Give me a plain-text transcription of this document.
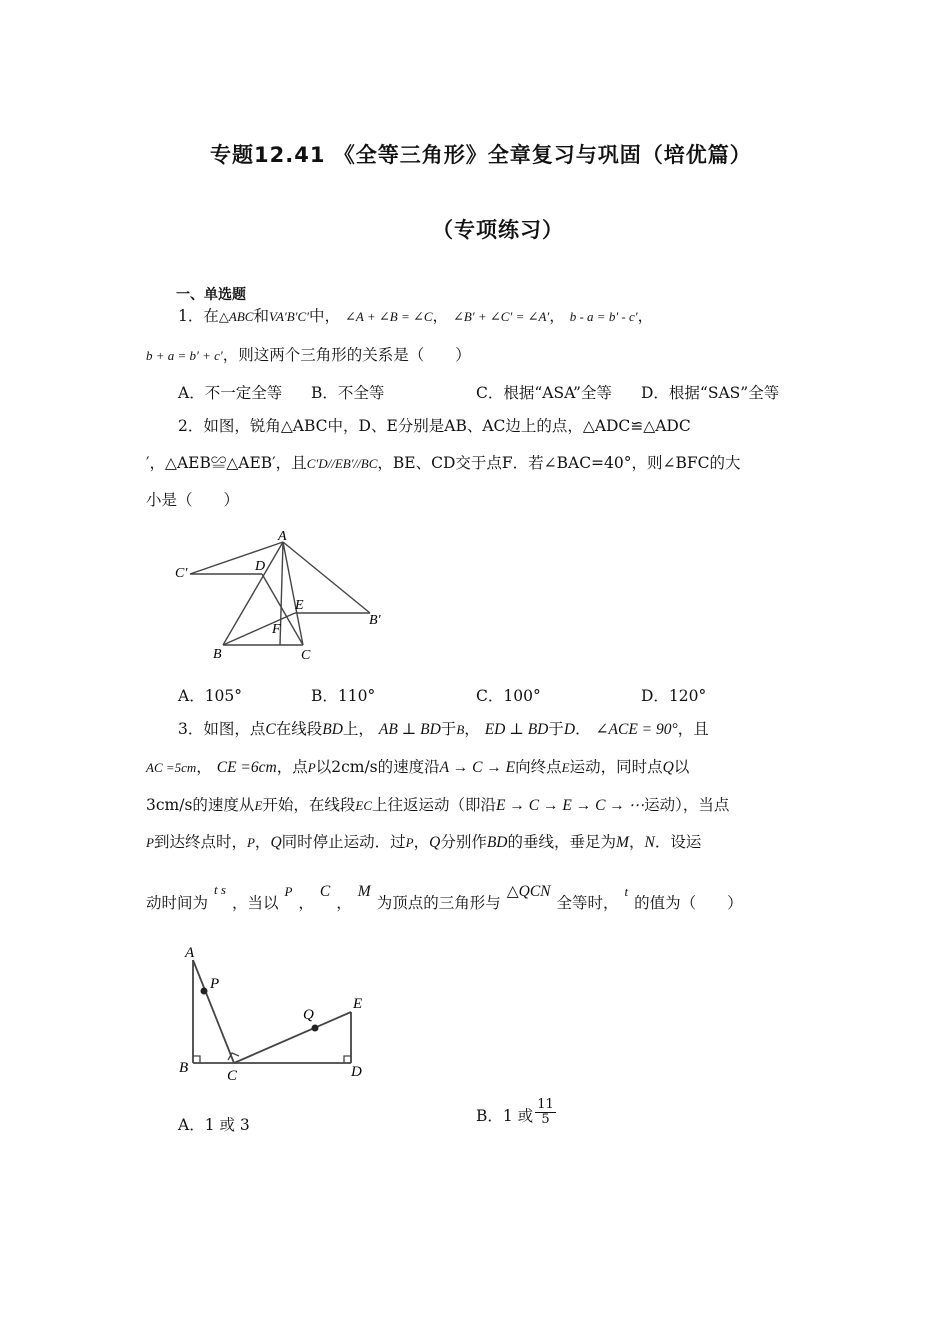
专题12.41 《全等三角形》全章复习与巩固（培优篇）
（专项练习）
一、单选题
1．在△ABC和VA′B′C′中， ∠A + ∠B = ∠C， ∠B′ + ∠C′ = ∠A′， b - a = b′ - c′，
b + a = b′ + c′，则这两个三角形的关系是（　　）
A．不一定全等 B．不全等	C．根据“ASA”全等 D．根据“SAS”全等
2．如图，锐角△ABC中，D、E分别是AB、AC边上的点，△ADC≌△ADC
′，△AEB≌△AEB′，且C′D//EB′//BC，BE、CD交于点F．若∠BAC=40°，则∠BFC的大
小是（　　）
A
C′	D
E
B′
F
B	C
A．105°	B．110°	C．100°	D．120°
3．如图，点C在线段BD上， AB ⊥ BD于B， ED ⊥ BD于D． ∠ACE = 90°，且
AC =5cm， CE =6cm，点P以2cm/s的速度沿A → C → E向终点E运动，同时点Q以
3cm/s的速度从E开始，在线段EC上往返运动（即沿E → C → E → C → ⋯运动），当点
P到达终点时，P，Q同时停止运动．过P，Q分别作BD的垂线，垂足为M，N．设运
动时间为$^{t s}$，当以$^P$，C，M为顶点的三角形与△QCN全等时，$^t$的值为（　　）
A
P
Q
E
B	C	D
A．1 或 3
B．1 或 $\frac{11}{5}$
